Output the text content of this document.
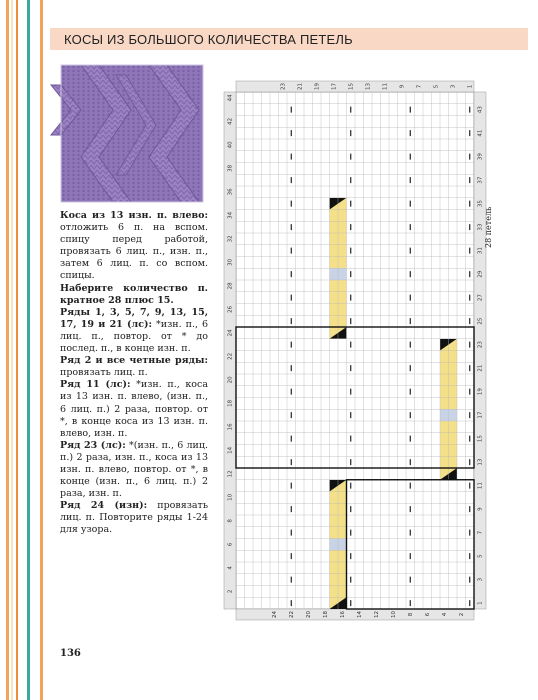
КОСЫ ИЗ БОЛЬШОГО КОЛИЧЕСТВА ПЕТЕЛЬ

Коса из 13 изн. п. влево: отложить 6 п. на вспом. спицу перед работой, провязать 6 лиц. п., изн. п., затем 6 лиц. п. со вспом. спицы.

Наберите количество п. кратное 28 плюс 15.

Ряды 1, 3, 5, 7, 9, 13, 15, 17, 19 и 21 (лс): *изн. п., 6 лиц. п., повтор. от * до послед. п., в конце изн. п.

Ряд 2 и все четные ряды: провязать лиц. п.

Ряд 11 (лс): *изн. п., коса из 13 изн. п. влево, (изн. п., 6 лиц. п.) 2 раза, повтор. от *, в конце коса из 13 изн. п. влево, изн. п.

Ряд 23 (лс): *(изн. п., 6 лиц. п.) 2 раза, изн. п., коса из 13 изн. п. влево, повтор. от *, в конце (изн. п., 6 лиц. п.) 2 раза, изн. п.

Ряд 24 (изн): провязать лиц. п. Повторите ряды 1-24 для узора.

23 21 19 17 15 13 11 9 7 5 3 1
24 22 20 18 16 14 12 10 8 6 4 2
2
4
6
8
10
12
14
16
18
20
22
24
26
28
30
32
34
36
38
40
42
44
1
3
5
7
9
11
13
15
17
19
21
23
25
27
29
31
33
35
37
39
41
43
28 петель
136
